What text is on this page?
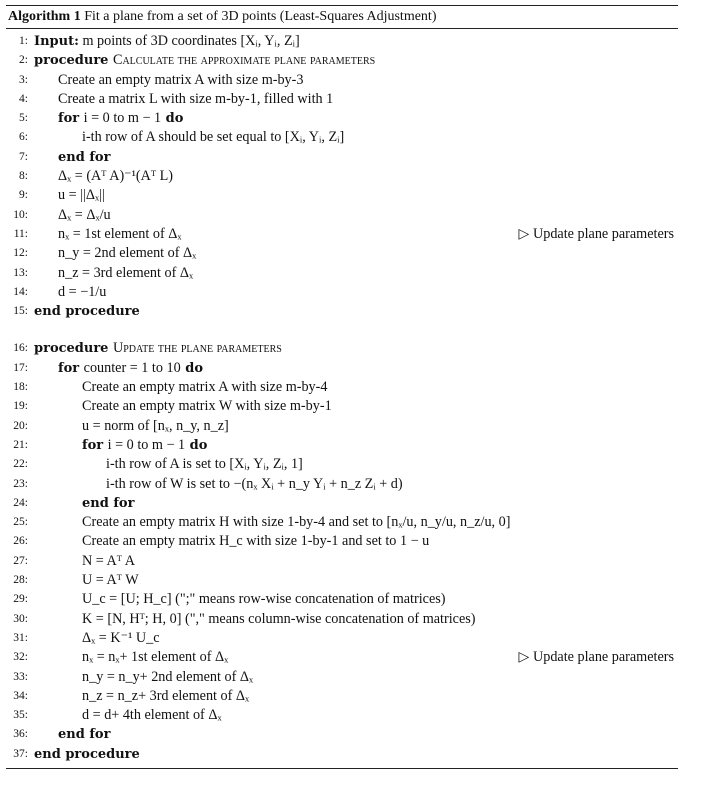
Algorithm 1 Fit a plane from a set of 3D points (Least-Squares Adjustment)
1: Input: m points of 3D coordinates [Xᵢ, Yᵢ, Zᵢ]
2: procedure Calculate the approximate plane parameters
3:	Create an empty matrix A with size m-by-3
4:	Create a matrix L with size m-by-1, filled with 1
5:	for i = 0 to m − 1 do
6:	i-th row of A should be set equal to [Xᵢ, Yᵢ, Zᵢ]
7:	end for
8:	Δₓ = (Aᵀ A)⁻¹(Aᵀ L)
9:	u = ||Δₓ||
10:	Δₓ = Δₓ/u
11:	nₓ = 1st element of Δₓ	▷ Update plane parameters
12:	n_y = 2nd element of Δₓ
13:	n_z = 3rd element of Δₓ
14:	d = −1/u
15: end procedure
16: procedure Update the plane parameters
17:	for counter = 1 to 10 do
18:	Create an empty matrix A with size m-by-4
19:	Create an empty matrix W with size m-by-1
20:	u = norm of [nₓ, n_y, n_z]
21:	for i = 0 to m − 1 do
22:	i-th row of A is set to [Xᵢ, Yᵢ, Zᵢ, 1]
23:	i-th row of W is set to −(nₓ Xᵢ + n_y Yᵢ + n_z Zᵢ + d)
24:	end for
25:	Create an empty matrix H with size 1-by-4 and set to [nₓ/u, n_y/u, n_z/u, 0]
26:	Create an empty matrix H_c with size 1-by-1 and set to 1 − u
27:	N = Aᵀ A
28:	U = Aᵀ W
29:	U_c = [U; H_c] (";" means row-wise concatenation of matrices)
30:	K = [N, Hᵀ; H, 0] ("," means column-wise concatenation of matrices)
31:	Δₓ = K⁻¹ U_c
32:	nₓ = nₓ+ 1st element of Δₓ	▷ Update plane parameters
33:	n_y = n_y+ 2nd element of Δₓ
34:	n_z = n_z+ 3rd element of Δₓ
35:	d = d+ 4th element of Δₓ
36:	end for
37: end procedure
